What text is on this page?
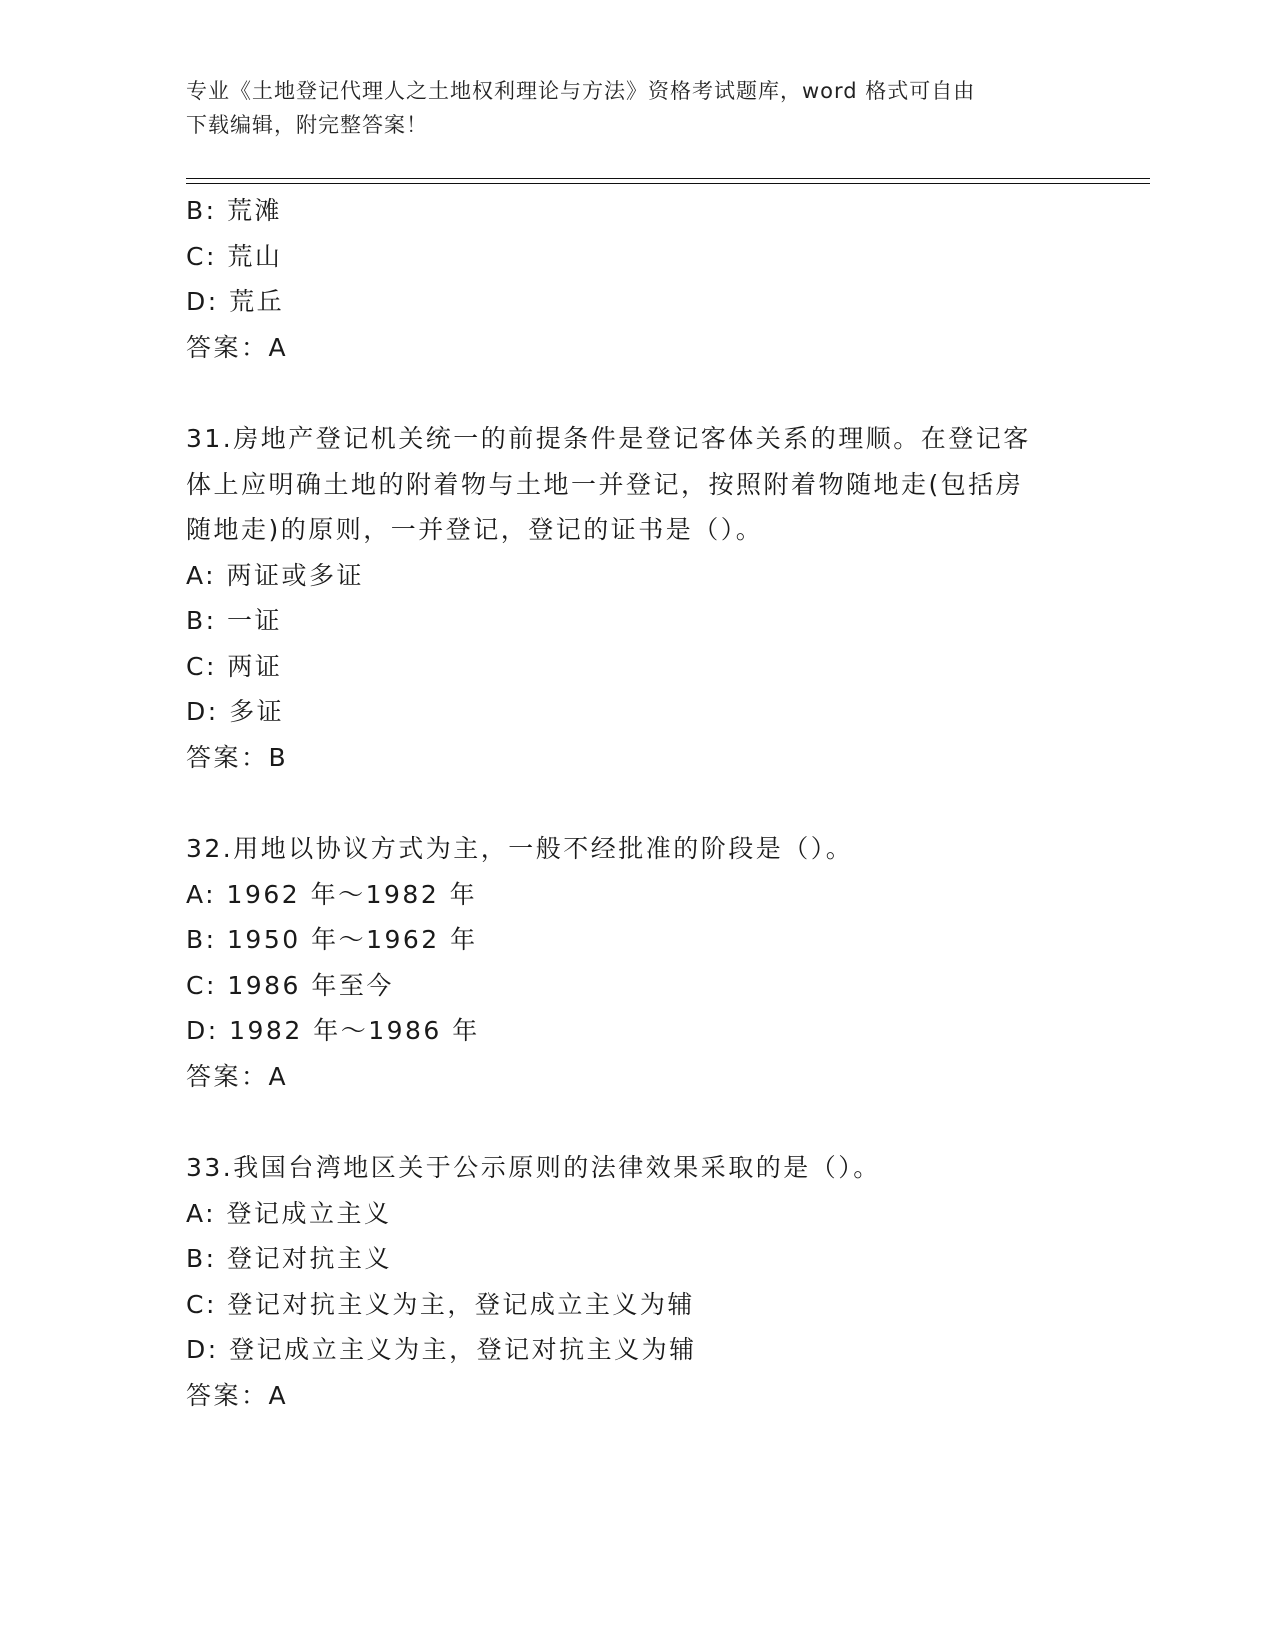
专业《土地登记代理人之土地权利理论与方法》资格考试题库，word 格式可自由
下载编辑，附完整答案！
B: 荒滩
C: 荒山
D: 荒丘
答案：A
31.房地产登记机关统一的前提条件是登记客体关系的理顺。在登记客
体上应明确土地的附着物与土地一并登记，按照附着物随地走(包括房
随地走)的原则，一并登记，登记的证书是（）。
A: 两证或多证
B: 一证
C: 两证
D: 多证
答案：B
32.用地以协议方式为主，一般不经批准的阶段是（）。
A: 1962 年～1982 年
B: 1950 年～1962 年
C: 1986 年至今
D: 1982 年～1986 年
答案：A
33.我国台湾地区关于公示原则的法律效果采取的是（）。
A: 登记成立主义
B: 登记对抗主义
C: 登记对抗主义为主，登记成立主义为辅
D: 登记成立主义为主，登记对抗主义为辅
答案：A
